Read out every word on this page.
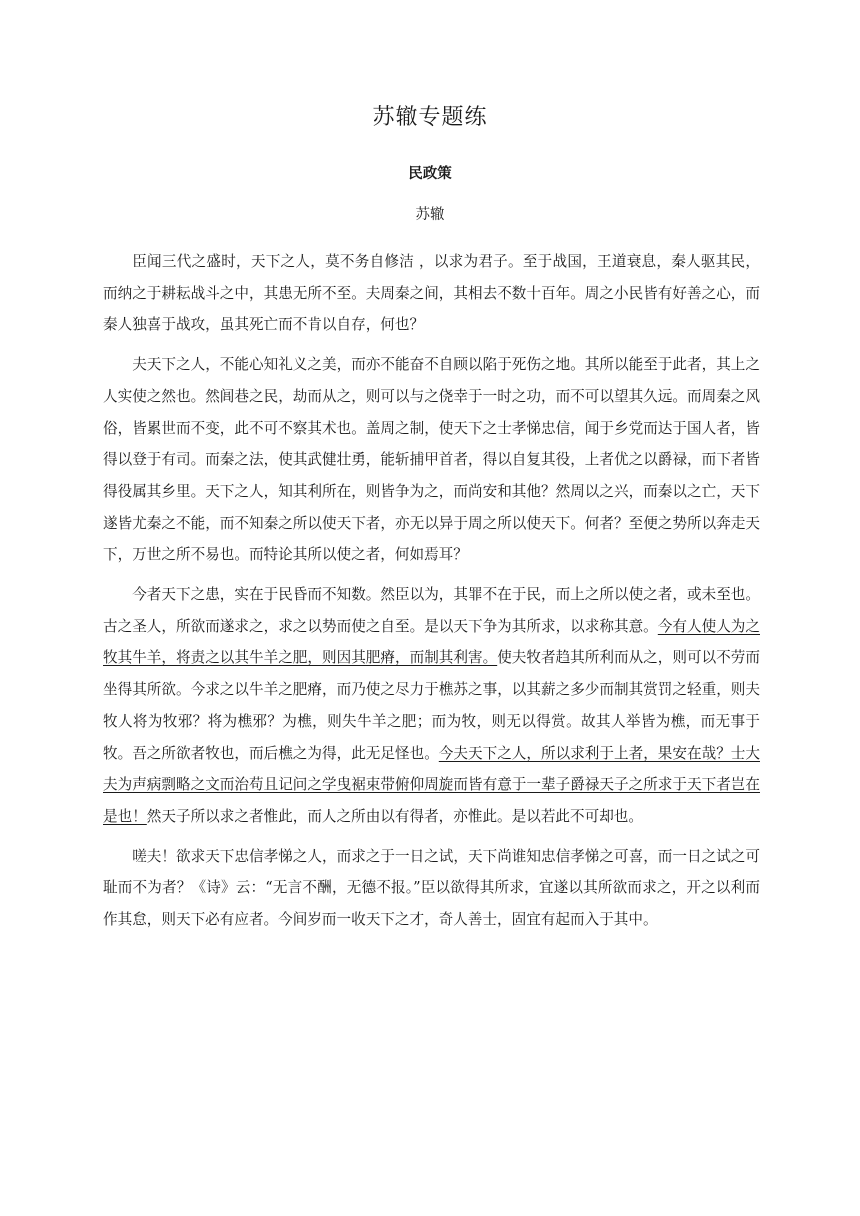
苏辙专题练
民政策
苏辙

臣闻三代之盛时，天下之人，莫不务自修洁 ，以求为君子。至于战国，王道衰息，秦人驱其民，而纳之于耕耘战斗之中，其患无所不至。夫周秦之间，其相去不数十百年。周之小民皆有好善之心，而秦人独喜于战攻，虽其死亡而不肯以自存，何也？

夫天下之人，不能心知礼义之美，而亦不能奋不自顾以陷于死伤之地。其所以能至于此者，其上之人实使之然也。然闾巷之民，劫而从之，则可以与之侥幸于一时之功，而不可以望其久远。而周秦之风俗，皆累世而不变，此不可不察其术也。盖周之制，使天下之士孝悌忠信，闻于乡党而达于国人者，皆得以登于有司。而秦之法，使其武健壮勇，能斩捕甲首者，得以自复其役，上者优之以爵禄，而下者皆得役属其乡里。天下之人，知其利所在，则皆争为之，而尚安和其他？然周以之兴，而秦以之亡，天下遂皆尤秦之不能，而不知秦之所以使天下者，亦无以异于周之所以使天下。何者？至便之势所以奔走天下，万世之所不易也。而特论其所以使之者，何如焉耳？

今者天下之患，实在于民昏而不知数。然臣以为，其罪不在于民，而上之所以使之者，或未至也。古之圣人，所欲而遂求之，求之以势而使之自至。是以天下争为其所求，以求称其意。今有人使人为之牧其牛羊，将责之以其牛羊之肥，则因其肥瘠，而制其利害。使夫牧者趋其所利而从之，则可以不劳而坐得其所欲。今求之以牛羊之肥瘠，而乃使之尽力于樵苏之事，以其薪之多少而制其赏罚之轻重，则夫牧人将为牧邪？将为樵邪？为樵，则失牛羊之肥；而为牧，则无以得赏。故其人举皆为樵，而无事于牧。吾之所欲者牧也，而后樵之为得，此无足怪也。今夫天下之人，所以求利于上者，果安在哉？士大夫为声病剽略之文而治苟且记问之学曳裾束带俯仰周旋而皆有意于一辈子爵禄天子之所求于天下者岂在是也！然天子所以求之者惟此，而人之所由以有得者，亦惟此。是以若此不可却也。

嗟夫！欲求天下忠信孝悌之人，而求之于一日之试，天下尚谁知忠信孝悌之可喜，而一日之试之可耻而不为者？《诗》云：“无言不酬，无德不报。”臣以欲得其所求，宜遂以其所欲而求之，开之以利而作其怠，则天下必有应者。今间岁而一收天下之才，奇人善士，固宜有起而入于其中。
